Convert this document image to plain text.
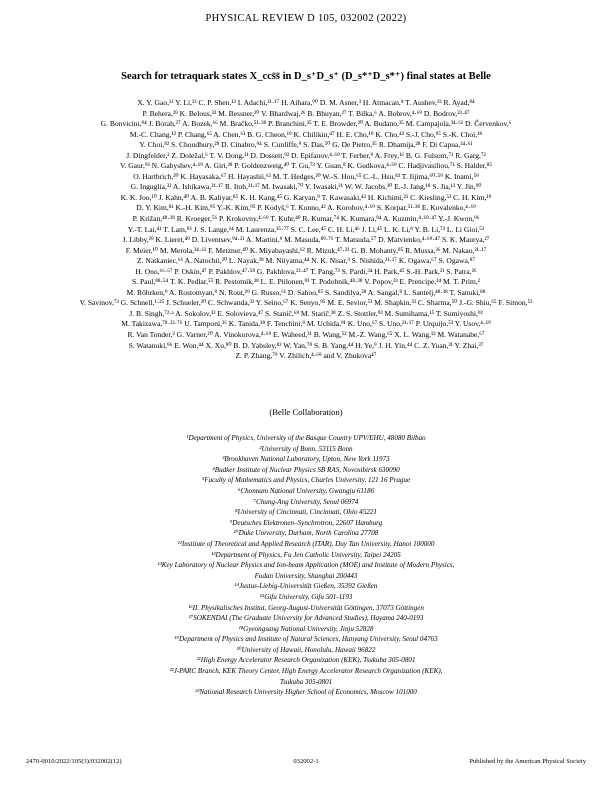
PHYSICAL REVIEW D 105, 032002 (2022)
Search for tetraquark states X_ccs̄s̄ in D_s⁺D_s⁺ (D_s*⁺D_s*⁺) final states at Belle
X. Y. Gao,¹³ Y. Li,¹³ C. P. Shen,¹³ I. Adachi,²¹·¹⁷ H. Aihara,⁹⁰ D. M. Asner,³ H. Atmacan,⁸ T. Aushev,²³ R. Ayad,⁸⁴
P. Behera,²⁹ K. Belous,³³ M. Bessner,²⁰ V. Bhardwaj,²⁶ B. Bhuyan,²⁷ T. Bilka,⁶ A. Bobrov,⁴·⁶⁹ D. Bodrov,²³·⁴⁷
G. Bonvicini,⁹⁴ J. Borah,²⁷ A. Bozek,⁶⁶ M. Bračko,⁵¹·³⁸ P. Branchini,³⁵ T. E. Browder,²⁰ A. Budano,³⁵ M. Campajola,³⁴·⁶¹ D. Červenkov,⁶
M.-C. Chang,¹² P. Chang,⁶⁵ A. Chen,⁶³ B. G. Cheon,¹⁹ K. Chilikin,⁴⁷ H. E. Cho,¹⁹ K. Cho,⁴³ S.-J. Cho,⁹⁵ S.-K. Choi,¹⁸
Y. Choi,⁸² S. Choudhury,²⁸ D. Cinabro,⁹⁴ S. Cunliffe,⁹ S. Das,⁵⁰ G. De Pietro,³⁵ R. Dhamija,²⁸ F. Di Capua,³⁴·⁶¹
J. Dingfelder,² Z. Doležal,⁶ T. V. Dong,¹¹ D. Dossett,⁹² D. Epifanov,⁴·⁶⁹ T. Ferber,⁹ A. Frey,¹⁶ B. G. Fulsom,⁷¹ R. Garg,⁷²
V. Gaur,⁹³ N. Gabyshev,⁴·⁶⁹ A. Giri,²⁸ P. Goldenzweig,⁴⁰ T. Gu,⁷³ Y. Guan,⁸ K. Gudkova,⁴·⁶⁹ C. Hadjivasiliou,⁷¹ S. Halder,⁸⁵
O. Hartbrich,²⁰ K. Hayasaka,⁶⁷ H. Hayashii,⁶² M. T. Hedges,²⁰ W.-S. Hou,⁶⁵ C.-L. Hsu,⁸³ T. Iijima,⁶⁰·⁵⁹ K. Inami,⁵⁹
G. Inguglia,³² A. Ishikawa,²¹·¹⁷ R. Itoh,²¹·¹⁷ M. Iwasaki,⁷⁰ Y. Iwasaki,²¹ W. W. Jacobs,³⁰ E.-J. Jang,¹⁸ S. Jia,¹³ Y. Jin,⁹⁰
K. K. Joo,¹⁰ J. Kahn,⁴⁰ A. B. Kaliyar,⁸⁵ K. H. Kang,⁴⁵ G. Karyan,⁹ T. Kawasaki,⁴² H. Kichimi,²¹ C. Kiesling,⁵² C. H. Kim,¹⁹
D. Y. Kim,⁸¹ K.-H. Kim,⁹⁵ Y.-K. Kim,⁹⁵ P. Kodyš,⁶ T. Konno,⁴² A. Korobov,⁴·⁶⁹ S. Korpar,⁵¹·³⁸ E. Kovalenko,⁴·⁶⁹
P. Križan,⁴⁸·³⁸ R. Kroeger,⁵⁶ P. Krokovny,⁴·⁶⁹ T. Kuhr,⁴⁹ R. Kumar,⁷⁴ K. Kumara,⁹⁴ A. Kuzmin,⁴·⁶⁹·⁴⁷ Y.-J. Kwon,⁹⁶
Y.-T. Lai,⁴¹ T. Lam,⁹³ J. S. Lange,¹⁴ M. Laurenza,³⁵·⁷⁷ S. C. Lee,⁴⁵ C. H. Li,⁴⁶ J. Li,⁴⁵ L. K. Li,⁸ Y. B. Li,⁷³ L. Li Gioi,⁵²
J. Libby,²⁹ K. Lieret,⁴⁹ D. Liventsev,⁹⁴·²¹ A. Martini,⁹ M. Masuda,⁸⁹·⁷⁶ T. Matsuda,⁵⁷ D. Matvienko,⁴·⁶⁹·⁴⁷ S. K. Maurya,²⁷
F. Meier,¹⁰ M. Merola,³⁴·⁶¹ F. Metzner,⁴⁰ K. Miyabayashi,⁶² R. Mizuk,⁴⁷·²³ G. B. Mohanty,⁸⁵ R. Mussa,³⁶ M. Nakao,²¹·¹⁷
Z. Natkaniec,⁶⁶ A. Natochii,²⁰ L. Nayak,²⁸ M. Niiyama,⁴⁴ N. K. Nisar,³ S. Nishida,²¹·¹⁷ K. Ogawa,⁶⁷ S. Ogawa,⁸⁷
H. Ono,⁶⁶·⁶⁷ P. Oskin,⁴⁷ P. Pakhlov,⁴⁷·⁵⁸ G. Pakhlova,²³·⁴⁷ T. Pang,⁷³ S. Pardi,³⁴ H. Park,⁴⁵ S.-H. Park,²¹ S. Patra,²⁶
S. Paul,⁸⁸·⁵⁴ T. K. Pedlar,⁵⁵ R. Pestotnik,³⁸ L. E. Piilonen,⁹³ T. Podobnik,⁴⁸·³⁸ V. Popov,²³ E. Prencipe,¹⁴ M. T. Prim,²
M. Röhrken,⁹ A. Rostomyan,⁹ N. Rout,²⁹ G. Russo,⁶¹ D. Sahoo,⁸⁵ S. Sandilya,²⁸ A. Sangal,⁸ L. Santelj,⁴⁸·³⁸ T. Sanuki,⁸⁸
V. Savinov,⁷³ G. Schnell,¹·²⁵ J. Schueler,²⁰ C. Schwanda,³² Y. Seino,⁶⁷ K. Senyo,⁹⁵ M. E. Sevior,⁵³ M. Shapkin,³³ C. Sharma,⁵⁰ J.-G. Shiu,⁶⁵ F. Simon,⁵²
J. B. Singh,⁷²·ᵃ A. Sokolov,³³ E. Solovieva,⁴⁷ S. Stanič,⁶⁸ M. Starič,³⁸ Z. S. Stottler,⁹³ M. Sumihama,¹⁵ T. Sumiyoshi,⁹²
M. Takizawa,⁷⁸·²²·⁷⁶ U. Tamponi,³⁶ K. Tanida,³⁸ F. Tenchini,⁹ M. Uchida,⁹¹ K. Uno,⁶⁷ S. Uno,²¹·¹⁷ P. Urquijo,⁵³ Y. Usov,⁴·⁶⁹
R. Van Tonder,² G. Varner,²⁰ A. Vinokurova,⁴·⁶⁹ E. Waheed,²¹ B. Wang,⁵² M.-Z. Wang,⁶⁵ X. L. Wang,¹³ M. Watanabe,⁶⁷
S. Watanuki,⁹⁶ E. Won,⁴⁴ X. Xu,⁸⁰ B. D. Yabsley,⁸³ W. Yan,⁷⁹ S. B. Yang,⁴⁴ H. Ye,⁹ J. H. Yin,⁴⁴ C. Z. Yuan,³¹ Y. Zhai,³⁷
Z. P. Zhang,⁷⁹ V. Zhilich,⁴·⁶⁹ and V. Zhukova⁴⁷
(Belle Collaboration)
¹Department of Physics, University of the Basque Country UPV/EHU, 48080 Bilbao
²University of Bonn, 53115 Bonn
³Brookhaven National Laboratory, Upton, New York 11973
⁴Budker Institute of Nuclear Physics SB RAS, Novosibirsk 630090
⁵Faculty of Mathematics and Physics, Charles University, 121 16 Prague
⁶Chonnam National University, Gwangju 61186
⁷Chung-Ang University, Seoul 06974
⁸University of Cincinnati, Cincinnati, Ohio 45221
⁹Deutsches Elektronen–Synchrotron, 22607 Hamburg
¹⁰Duke University, Durham, North Carolina 27708
¹¹Institute of Theoretical and Applied Research (ITAR), Duy Tan University, Hanoi 100000
¹²Department of Physics, Fu Jen Catholic University, Taipei 24205
¹³Key Laboratory of Nuclear Physics and Ion-beam Application (MOE) and Institute of Modern Physics,
Fudan University, Shanghai 200443
¹⁴Justus-Liebig-Universität Gießen, 35392 Gießen
¹⁵Gifu University, Gifu 501-1193
¹⁶II. Physikalisches Institut, Georg-August-Universität Göttingen, 37073 Göttingen
¹⁷SOKENDAI (The Graduate University for Advanced Studies), Hayama 240-0193
¹⁸Gyeongsang National University, Jinju 52828
¹⁹Department of Physics and Institute of Natural Sciences, Hanyang University, Seoul 04763
²⁰University of Hawaii, Honolulu, Hawaii 96822
²¹High Energy Accelerator Research Organization (KEK), Tsukuba 305-0801
²²J-PARC Branch, KEK Theory Center, High Energy Accelerator Research Organization (KEK),
Tsukuba 305-0801
²³National Research University Higher School of Economics, Moscow 101000
2470-0010/2022/105(3)/032002(12)	032002-1	Published by the American Physical Society
